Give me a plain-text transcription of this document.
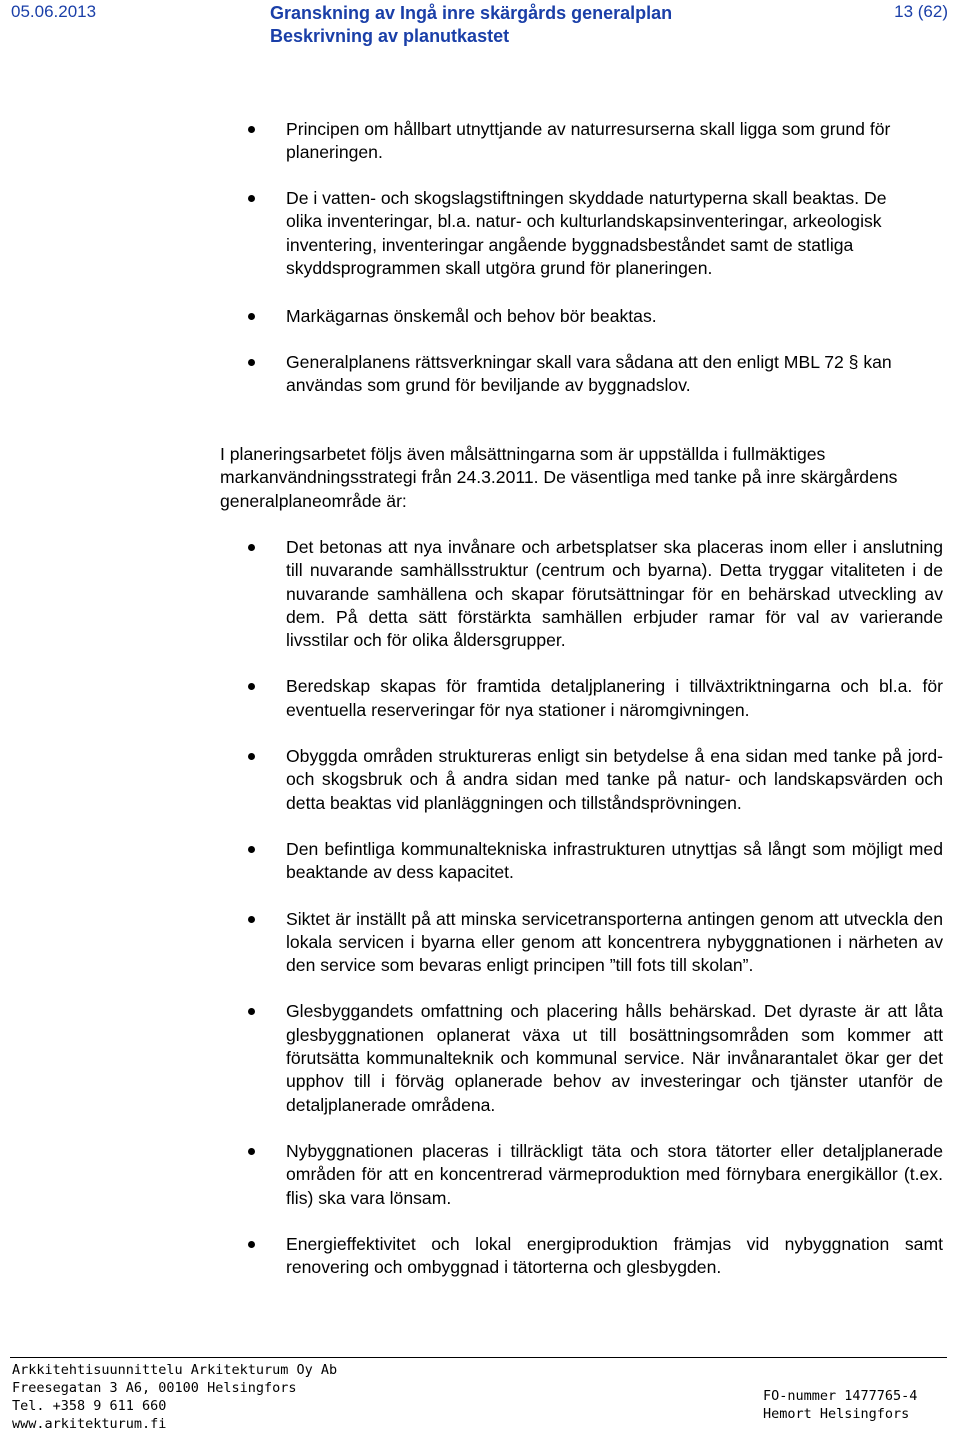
05.06.2013	Granskning av Ingå inre skärgårds generalplan
Beskrivning av planutkastet
13 (62)
Principen om hållbart utnyttjande av naturresurserna skall ligga som grund för planeringen.
De i vatten- och skogslagstiftningen skyddade naturtyperna skall beaktas. De olika inventeringar, bl.a. natur- och kulturlandskapsinventeringar, arkeologisk inventering, inventeringar angående byggnadsbeståndet samt de statliga skyddsprogrammen skall utgöra grund för planeringen.
Markägarnas önskemål och behov bör beaktas.
Generalplanens rättsverkningar skall vara sådana att den enligt MBL 72 § kan användas som grund för beviljande av byggnadslov.
I planeringsarbetet följs även målsättningarna som är uppställda i fullmäktiges markanvändningsstrategi från 24.3.2011. De väsentliga med tanke på inre skärgårdens generalplaneområde är:
Det betonas att nya invånare och arbetsplatser ska placeras inom eller i anslutning till nuvarande samhällsstruktur (centrum och byarna). Detta tryggar vitaliteten i de nuvarande samhällena och skapar förutsättningar för en behärskad utveckling av dem. På detta sätt förstärkta samhällen erbjuder ramar för val av varierande livsstilar och för olika åldersgrupper.
Beredskap skapas för framtida detaljplanering i tillväxtriktningarna och bl.a. för eventuella reserveringar för nya stationer i näromgivningen.
Obyggda områden struktureras enligt sin betydelse å ena sidan med tanke på jord- och skogsbruk och å andra sidan med tanke på natur- och landskapsvärden och detta beaktas vid planläggningen och tillståndsprövningen.
Den befintliga kommunaltekniska infrastrukturen utnyttjas så långt som möjligt med beaktande av dess kapacitet.
Siktet är inställt på att minska servicetransporterna antingen genom att utveckla den lokala servicen i byarna eller genom att koncentrera nybyggnationen i närheten av den service som bevaras enligt principen ”till fots till skolan”.
Glesbyggandets omfattning och placering hålls behärskad. Det dyraste är att låta glesbyggnationen oplanerat växa ut till bosättningsområden som kommer att förutsätta kommunalteknik och kommunal service. När invånarantalet ökar ger det upphov till i förväg oplanerade behov av investeringar och tjänster utanför de detaljplanerade områdena.
Nybyggnationen placeras i tillräckligt täta och stora tätorter eller detaljplanerade områden för att en koncentrerad värmeproduktion med förnybara energikällor (t.ex. flis) ska vara lönsam.
Energieffektivitet och lokal energiproduktion främjas vid nybyggnation samt renovering och ombyggnad i tätorterna och glesbygden.
Arkkitehtisuunnittelu Arkitekturum Oy Ab
Freesegatan 3 A6, 00100 Helsingfors
Tel. +358 9 611 660
www.arkitekturum.fi
FO-nummer 1477765-4
Hemort Helsingfors
